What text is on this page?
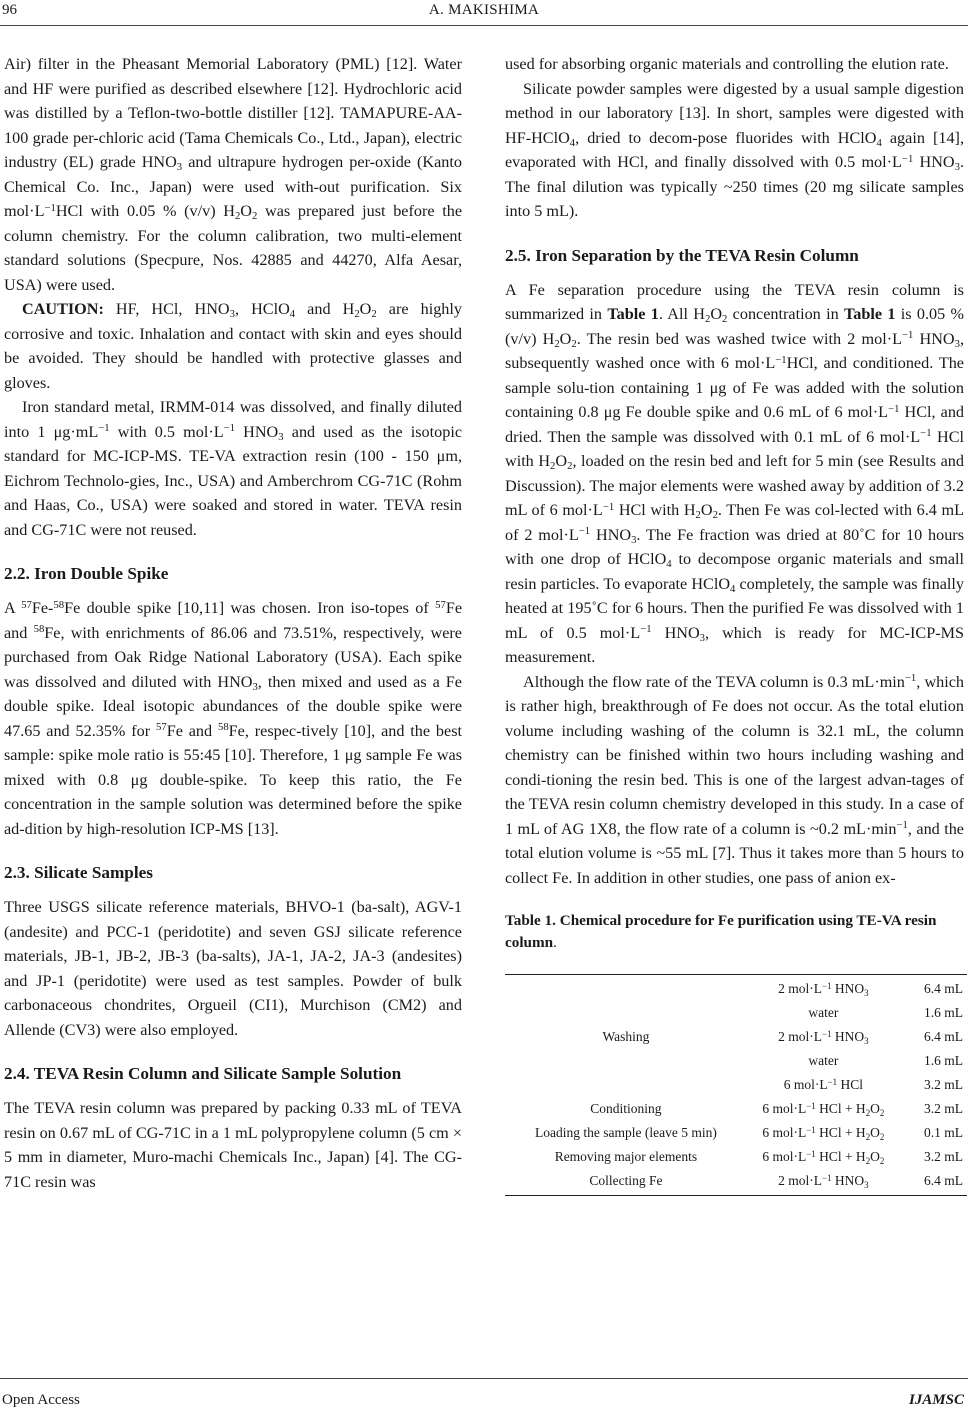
96	A. MAKISHIMA

Air) filter in the Pheasant Memorial Laboratory (PML) [12]. Water and HF were purified as described elsewhere [12]. Hydrochloric acid was distilled by a Teflon-two-bottle distiller [12]. TAMAPURE-AA-100 grade per-chloric acid (Tama Chemicals Co., Ltd., Japan), electric industry (EL) grade $HNO_3$ and ultrapure hydrogen per-oxide (Kanto Chemical Co. Inc., Japan) were used with-out purification. Six $mol\cdot L^{-1}HCl$ with 0.05 % (v/v) $H_2O_2$ was prepared just before the column chemistry. For the column calibration, two multi-element standard solutions (Specpure, Nos. 42885 and 44270, Alfa Aesar, USA) were used.

CAUTION: HF, HCl, $HNO_3$, HClO$_4$ and $H_2O_2$ are highly corrosive and toxic. Inhalation and contact with skin and eyes should be avoided. They should be handled with protective glasses and gloves.

Iron standard metal, IRMM-014 was dissolved, and finally diluted into 1 $\mu g\cdot mL^{-1}$ with 0.5 $mol\cdot L^{-1}$ $HNO_3$ and used as the isotopic standard for MC-ICP-MS. TE-VA extraction resin (100 - 150 μm, Eichrom Technolo-gies, Inc., USA) and Amberchrom CG-71C (Rohm and Haas, Co., USA) were soaked and stored in water. TEVA resin and CG-71C were not reused.

2.2. Iron Double Spike

A $^{57}$Fe-$^{58}$Fe double spike [10,11] was chosen. Iron iso-topes of $^{57}$Fe and $^{58}$Fe, with enrichments of 86.06 and 73.51%, respectively, were purchased from Oak Ridge National Laboratory (USA). Each spike was dissolved and diluted with $HNO_3$, then mixed and used as a Fe double spike. Ideal isotopic abundances of the double spike were 47.65 and 52.35% for $^{57}$Fe and $^{58}$Fe, respec-tively [10], and the best sample: spike mole ratio is 55:45 [10]. Therefore, 1 μg sample Fe was mixed with 0.8 μg double-spike. To keep this ratio, the Fe concentration in the sample solution was determined before the spike ad-dition by high-resolution ICP-MS [13].

2.3. Silicate Samples

Three USGS silicate reference materials, BHVO-1 (ba-salt), AGV-1 (andesite) and PCC-1 (peridotite) and seven GSJ silicate reference materials, JB-1, JB-2, JB-3 (ba-salts), JA-1, JA-2, JA-3 (andesites) and JP-1 (peridotite) were used as test samples. Powder of bulk carbonaceous chondrites, Orgueil (CI1), Murchison (CM2) and Allende (CV3) were also employed.

2.4. TEVA Resin Column and Silicate Sample Solution

The TEVA resin column was prepared by packing 0.33 mL of TEVA resin on 0.67 mL of CG-71C in a 1 mL polypropylene column (5 cm × 5 mm in diameter, Muro-machi Chemicals Inc., Japan) [4]. The CG-71C resin was

used for absorbing organic materials and controlling the elution rate.

Silicate powder samples were digested by a usual sample digestion method in our laboratory [13]. In short, samples were digested with HF-HClO$_4$, dried to decom-pose fluorides with HClO$_4$ again [14], evaporated with HCl, and finally dissolved with 0.5 $mol\cdot L^{-1}$ $HNO_3$. The final dilution was typically ~250 times (20 mg silicate samples into 5 mL).

2.5. Iron Separation by the TEVA Resin Column

A Fe separation procedure using the TEVA resin column is summarized in Table 1. All $H_2O_2$ concentration in Table 1 is 0.05 % (v/v) $H_2O_2$. The resin bed was washed twice with 2 $mol\cdot L^{-1}$ $HNO_3$, subsequently washed once with 6 $mol\cdot L^{-1}HCl$, and conditioned. The sample solu-tion containing 1 μg of Fe was added with the solution containing 0.8 μg Fe double spike and 0.6 mL of 6 $mol\cdot L^{-1}$ HCl, and dried. Then the sample was dissolved with 0.1 mL of 6 $mol\cdot L^{-1}$ HCl with $H_2O_2$, loaded on the resin bed and left for 5 min (see Results and Discussion). The major elements were washed away by addition of 3.2 mL of 6 $mol\cdot L^{-1}$ HCl with $H_2O_2$. Then Fe was col-lected with 6.4 mL of 2 $mol\cdot L^{-1}$ $HNO_3$. The Fe fraction was dried at 80˚C for 10 hours with one drop of HClO$_4$ to decompose organic materials and small resin particles. To evaporate HClO$_4$ completely, the sample was finally heated at 195˚C for 6 hours. Then the purified Fe was dissolved with 1 mL of 0.5 $mol\cdot L^{-1}$ $HNO_3$, which is ready for MC-ICP-MS measurement.

Although the flow rate of the TEVA column is 0.3 $mL\cdot\min^{-1}$, which is rather high, breakthrough of Fe does not occur. As the total elution volume including washing of the column is 32.1 mL, the column chemistry can be finished within two hours including washing and condi-tioning the resin bed. This is one of the largest advan-tages of the TEVA resin column chemistry developed in this study. In a case of 1 mL of AG 1X8, the flow rate of a column is ~0.2 $mL\cdot\min^{-1}$, and the total elution volume is ~55 mL [7]. Thus it takes more than 5 hours to collect Fe. In addition in other studies, one pass of anion ex-

Table 1. Chemical procedure for Fe purification using TE-VA resin column.
Washing	2 $mol\cdot L^{-1}$ $HNO_3$	6.4 mL
	water	1.6 mL
	2 $mol\cdot L^{-1}$ $HNO_3$	6.4 mL
	water	1.6 mL
	6 $mol\cdot L^{-1}$ HCl	3.2 mL
Conditioning	6 $mol\cdot L^{-1}$ HCl + $H_2O_2$	3.2 mL
Loading the sample (leave 5 min)	6 $mol\cdot L^{-1}$ HCl + $H_2O_2$	0.1 mL
Removing major elements	6 $mol\cdot L^{-1}$ HCl + $H_2O_2$	3.2 mL
Collecting Fe	2 $mol\cdot L^{-1}$ $HNO_3$	6.4 mL
Open Access	IJAMSC
